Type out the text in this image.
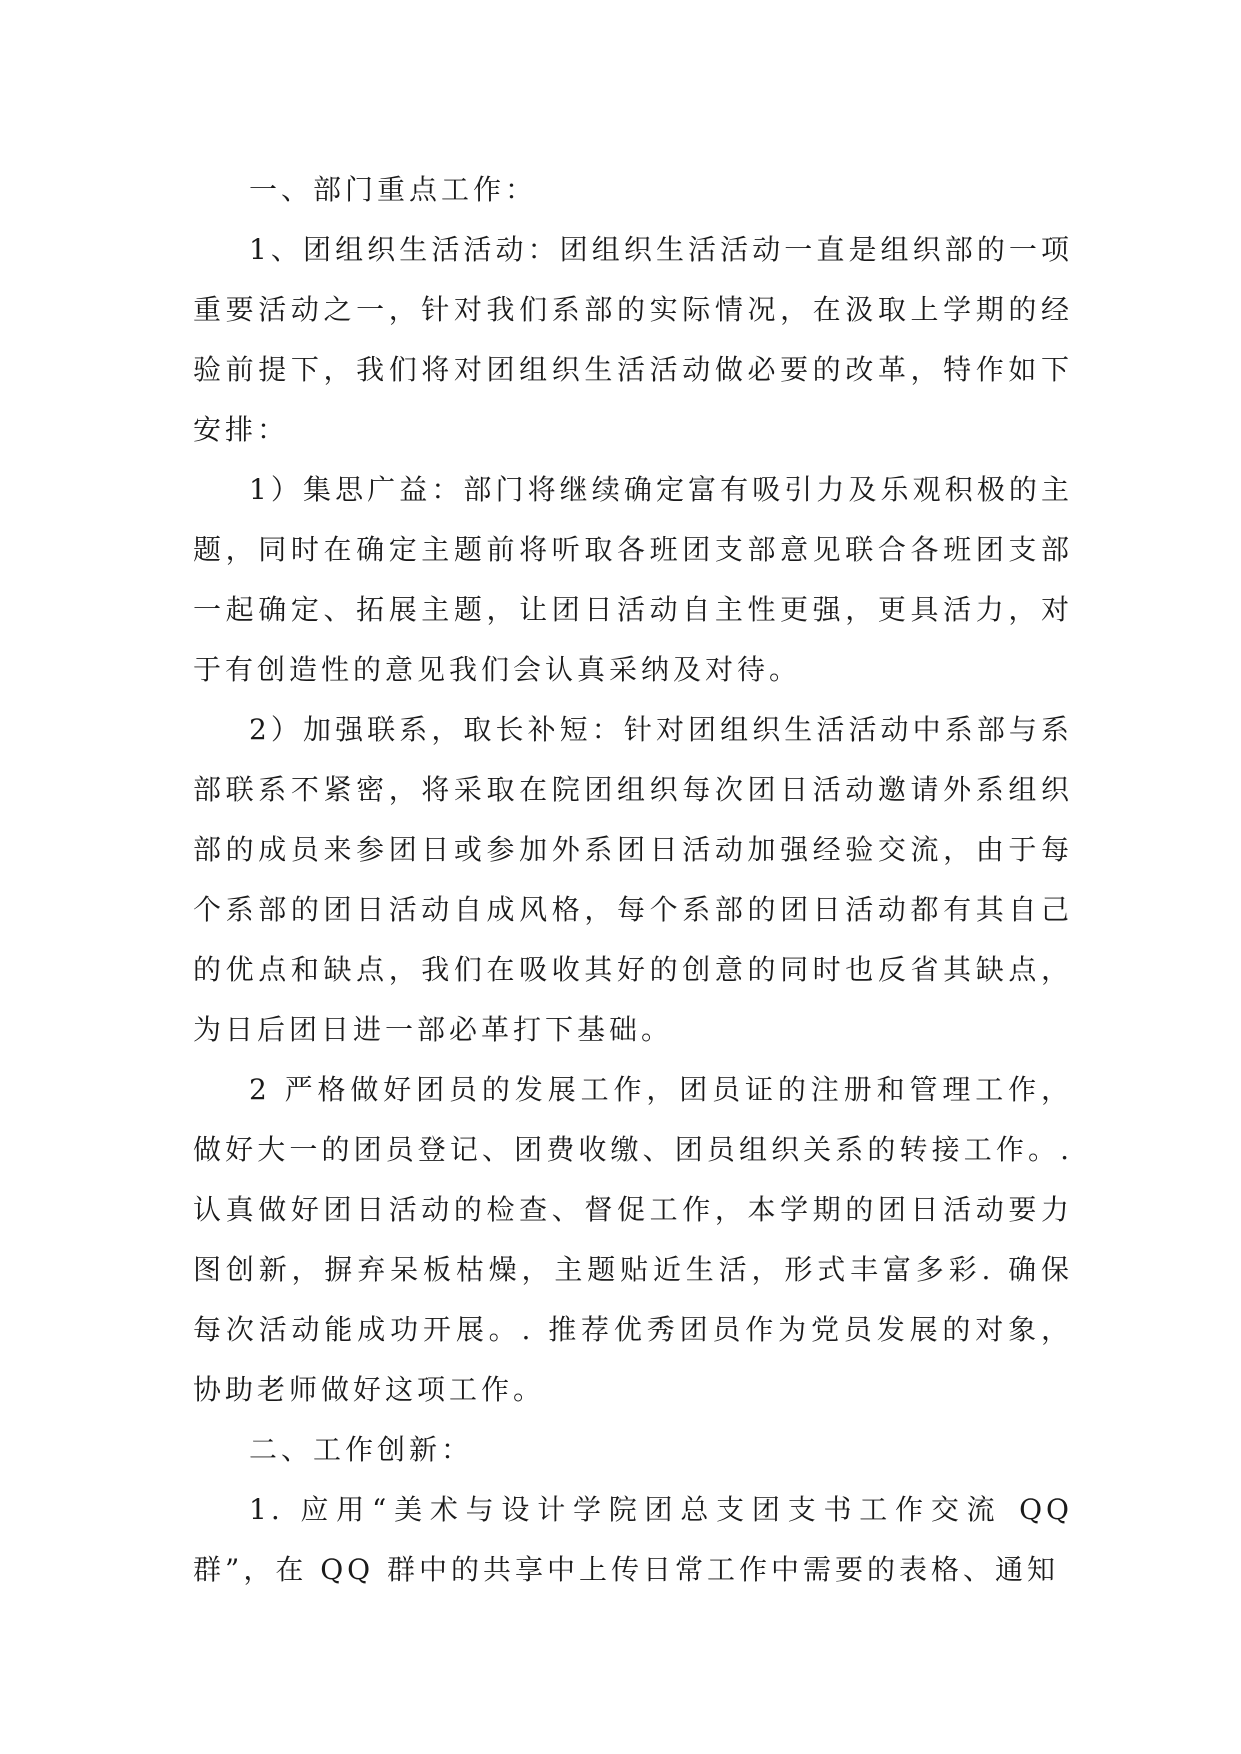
一、部门重点工作：

1、团组织生活活动：团组织生活活动一直是组织部的一项重要活动之一，针对我们系部的实际情况，在汲取上学期的经验前提下，我们将对团组织生活活动做必要的改革，特作如下安排：

1）集思广益：部门将继续确定富有吸引力及乐观积极的主题，同时在确定主题前将听取各班团支部意见联合各班团支部一起确定、拓展主题，让团日活动自主性更强，更具活力，对于有创造性的意见我们会认真采纳及对待。

2）加强联系，取长补短：针对团组织生活活动中系部与系部联系不紧密，将采取在院团组织每次团日活动邀请外系组织部的成员来参团日或参加外系团日活动加强经验交流，由于每个系部的团日活动自成风格，每个系部的团日活动都有其自己的优点和缺点，我们在吸收其好的创意的同时也反省其缺点，为日后团日进一部必革打下基础。

2 严格做好团员的发展工作，团员证的注册和管理工作，做好大一的团员登记、团费收缴、团员组织关系的转接工作。. 认真做好团日活动的检查、督促工作，本学期的团日活动要力图创新，摒弃呆板枯燥，主题贴近生活，形式丰富多彩. 确保每次活动能成功开展。. 推荐优秀团员作为党员发展的对象，协助老师做好这项工作。

二、工作创新：

1. 应用“美术与设计学院团总支团支书工作交流 QQ 群”，在 QQ 群中的共享中上传日常工作中需要的表格、通知
